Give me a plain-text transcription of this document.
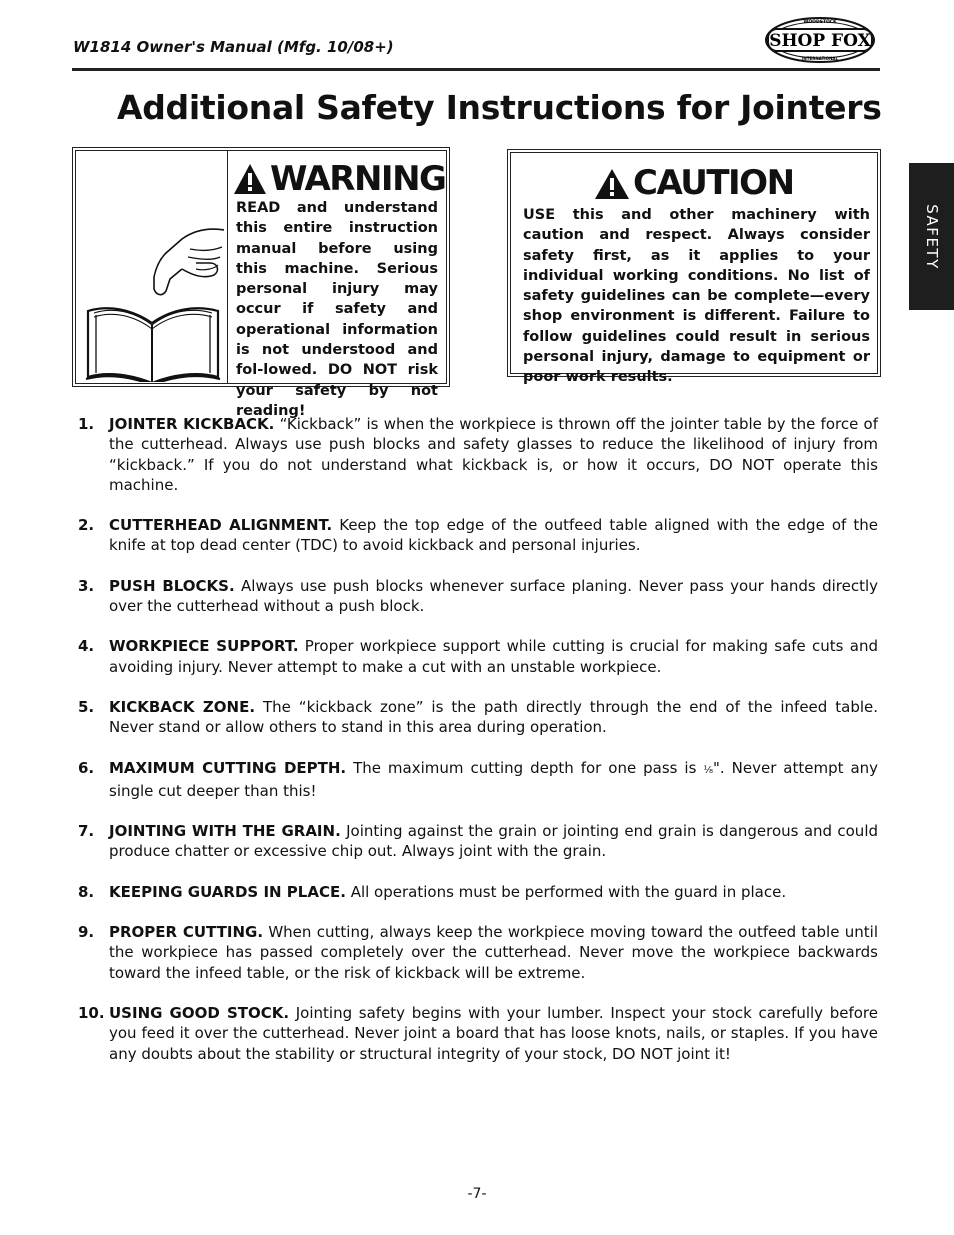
W1814 Owner's Manual (Mfg. 10/08+)
WOODSTOCK
SHOP FOX
INTERNATIONAL
Additional Safety Instructions for Jointers
SAFETY
WARNING
READ and understand this entire instruction manual before using this machine. Serious personal injury may occur if safety and operational information is not understood and fol-lowed. DO NOT risk your safety by not reading!
CAUTION
USE this and other machinery with caution and respect. Always consider safety first, as it applies to your individual working conditions. No list of safety guidelines can be complete—every shop environment is different. Failure to follow guidelines could result in serious personal injury, damage to equipment or poor work results.
1. JOINTER KICKBACK. “Kickback” is when the workpiece is thrown off the jointer table by the force of the cutterhead. Always use push blocks and safety glasses to reduce the likelihood of injury from “kickback.” If you do not understand what kickback is, or how it occurs, DO NOT operate this machine.
2. CUTTERHEAD ALIGNMENT. Keep the top edge of the outfeed table aligned with the edge of the knife at top dead center (TDC) to avoid kickback and personal injuries.
3. PUSH BLOCKS. Always use push blocks whenever surface planing. Never pass your hands directly over the cutterhead without a push block.
4. WORKPIECE SUPPORT. Proper workpiece support while cutting is crucial for making safe cuts and avoiding injury. Never attempt to make a cut with an unstable workpiece.
5. KICKBACK ZONE. The “kickback zone” is the path directly through the end of the infeed table. Never stand or allow others to stand in this area during operation.
6. MAXIMUM CUTTING DEPTH. The maximum cutting depth for one pass is ¹⁄₈". Never attempt any single cut deeper than this!
7. JOINTING WITH THE GRAIN. Jointing against the grain or jointing end grain is dangerous and could produce chatter or excessive chip out. Always joint with the grain.
8. KEEPING GUARDS IN PLACE. All operations must be performed with the guard in place.
9. PROPER CUTTING. When cutting, always keep the workpiece moving toward the outfeed table until the workpiece has passed completely over the cutterhead. Never move the workpiece backwards toward the infeed table, or the risk of kickback will be extreme.
10. USING GOOD STOCK. Jointing safety begins with your lumber. Inspect your stock carefully before you feed it over the cutterhead. Never joint a board that has loose knots, nails, or staples. If you have any doubts about the stability or structural integrity of your stock, DO NOT joint it!
-7-
